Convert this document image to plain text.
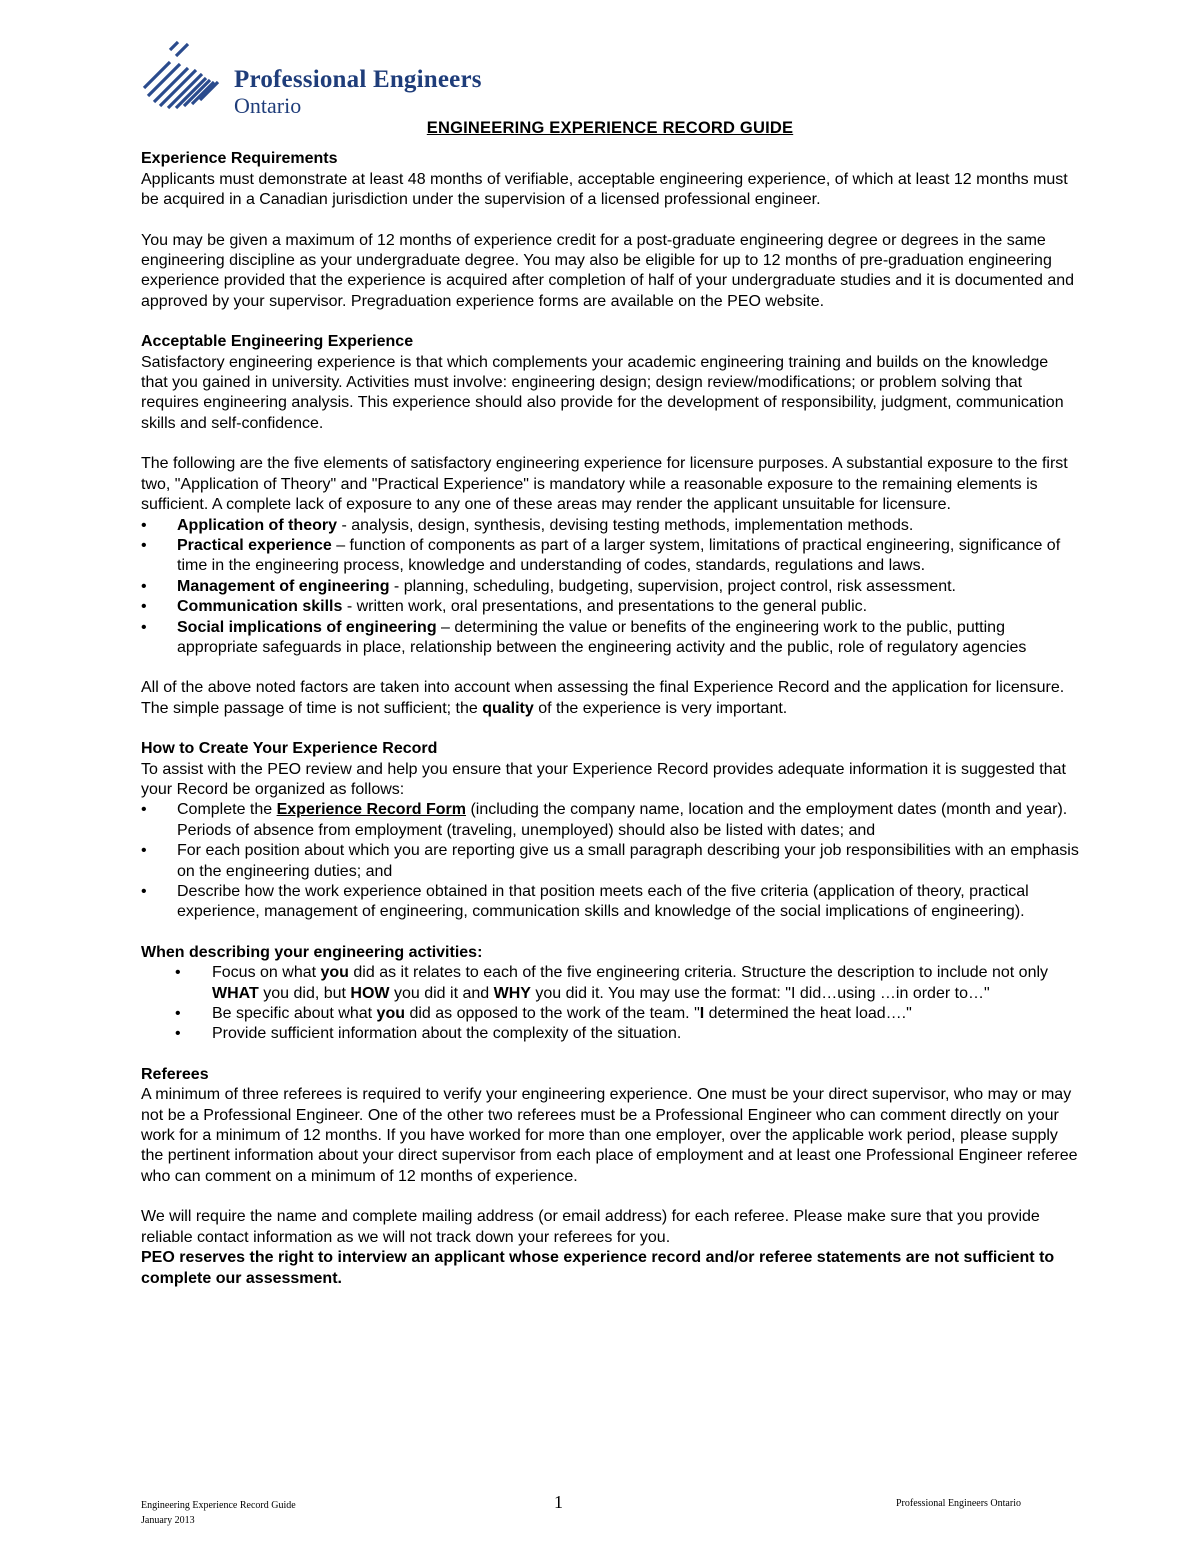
Professional Engineers
Ontario
ENGINEERING EXPERIENCE RECORD GUIDE
Experience Requirements

Applicants must demonstrate at least 48 months of verifiable, acceptable engineering experience, of which at least 12 months must be acquired in a Canadian jurisdiction under the supervision of a licensed professional engineer.

You may be given a maximum of 12 months of experience credit for a post-graduate engineering degree or degrees in the same engineering discipline as your undergraduate degree. You may also be eligible for up to 12 months of pre-graduation engineering experience provided that the experience is acquired after completion of half of your undergraduate studies and it is documented and approved by your supervisor. Pregraduation experience forms are available on the PEO website.

Acceptable Engineering Experience

Satisfactory engineering experience is that which complements your academic engineering training and builds on the knowledge that you gained in university. Activities must involve: engineering design; design review/modifications; or problem solving that requires engineering analysis. This experience should also provide for the development of responsibility, judgment, communication skills and self-confidence.

The following are the five elements of satisfactory engineering experience for licensure purposes. A substantial exposure to the first two, "Application of Theory" and "Practical Experience" is mandatory while a reasonable exposure to the remaining elements is sufficient. A complete lack of exposure to any one of these areas may render the applicant unsuitable for licensure.

• Application of theory - analysis, design, synthesis, devising testing methods, implementation methods.
• Practical experience – function of components as part of a larger system, limitations of practical engineering, significance of time in the engineering process, knowledge and understanding of codes, standards, regulations and laws.
• Management of engineering - planning, scheduling, budgeting, supervision, project control, risk assessment.
• Communication skills - written work, oral presentations, and presentations to the general public.
• Social implications of engineering – determining the value or benefits of the engineering work to the public, putting appropriate safeguards in place, relationship between the engineering activity and the public, role of regulatory agencies

All of the above noted factors are taken into account when assessing the final Experience Record and the application for licensure. The simple passage of time is not sufficient; the quality of the experience is very important.

How to Create Your Experience Record

To assist with the PEO review and help you ensure that your Experience Record provides adequate information it is suggested that your Record be organized as follows:

• Complete the Experience Record Form (including the company name, location and the employment dates (month and year). Periods of absence from employment (traveling, unemployed) should also be listed with dates; and
• For each position about which you are reporting give us a small paragraph describing your job responsibilities with an emphasis on the engineering duties; and
• Describe how the work experience obtained in that position meets each of the five criteria (application of theory, practical experience, management of engineering, communication skills and knowledge of the social implications of engineering).
When describing your engineering activities:
• Focus on what you did as it relates to each of the five engineering criteria. Structure the description to include not only WHAT you did, but HOW you did it and WHY you did it. You may use the format: "I did…using …in order to…"
• Be specific about what you did as opposed to the work of the team. "I determined the heat load…."
• Provide sufficient information about the complexity of the situation.
Referees

A minimum of three referees is required to verify your engineering experience. One must be your direct supervisor, who may or may not be a Professional Engineer. One of the other two referees must be a Professional Engineer who can comment directly on your work for a minimum of 12 months. If you have worked for more than one employer, over the applicable work period, please supply the pertinent information about your direct supervisor from each place of employment and at least one Professional Engineer referee who can comment on a minimum of 12 months of experience.

We will require the name and complete mailing address (or email address) for each referee. Please make sure that you provide reliable contact information as we will not track down your referees for you.

PEO reserves the right to interview an applicant whose experience record and/or referee statements are not sufficient to complete our assessment.

Engineering Experience Record Guide
January 2013
1	Professional Engineers Ontario
